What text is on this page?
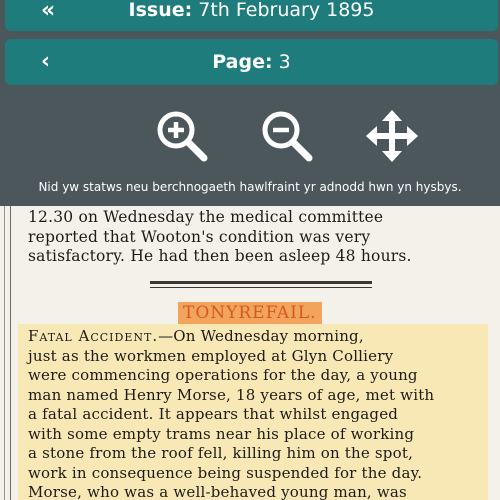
«	Issue: 7th February 1895
‹	Page: 3
Nid yw statws neu berchnogaeth hawlfraint yr adnodd hwn yn hysbys.
12.30 on Wednesday the medical committee
reported that Wooton's condition was very
satisfactory. He had then been asleep 48 hours.
TONYREFAIL.
Fatal Accident.—On Wednesday morning,
just as the workmen employed at Glyn Colliery
were commencing operations for the day, a young
man named Henry Morse, 18 years of age, met with
a fatal accident. It appears that whilst engaged
with some empty trams near his place of working
a stone from the roof fell, killing him on the spot,
work in consequence being suspended for the day.
Morse, who was a well-behaved young man, was
